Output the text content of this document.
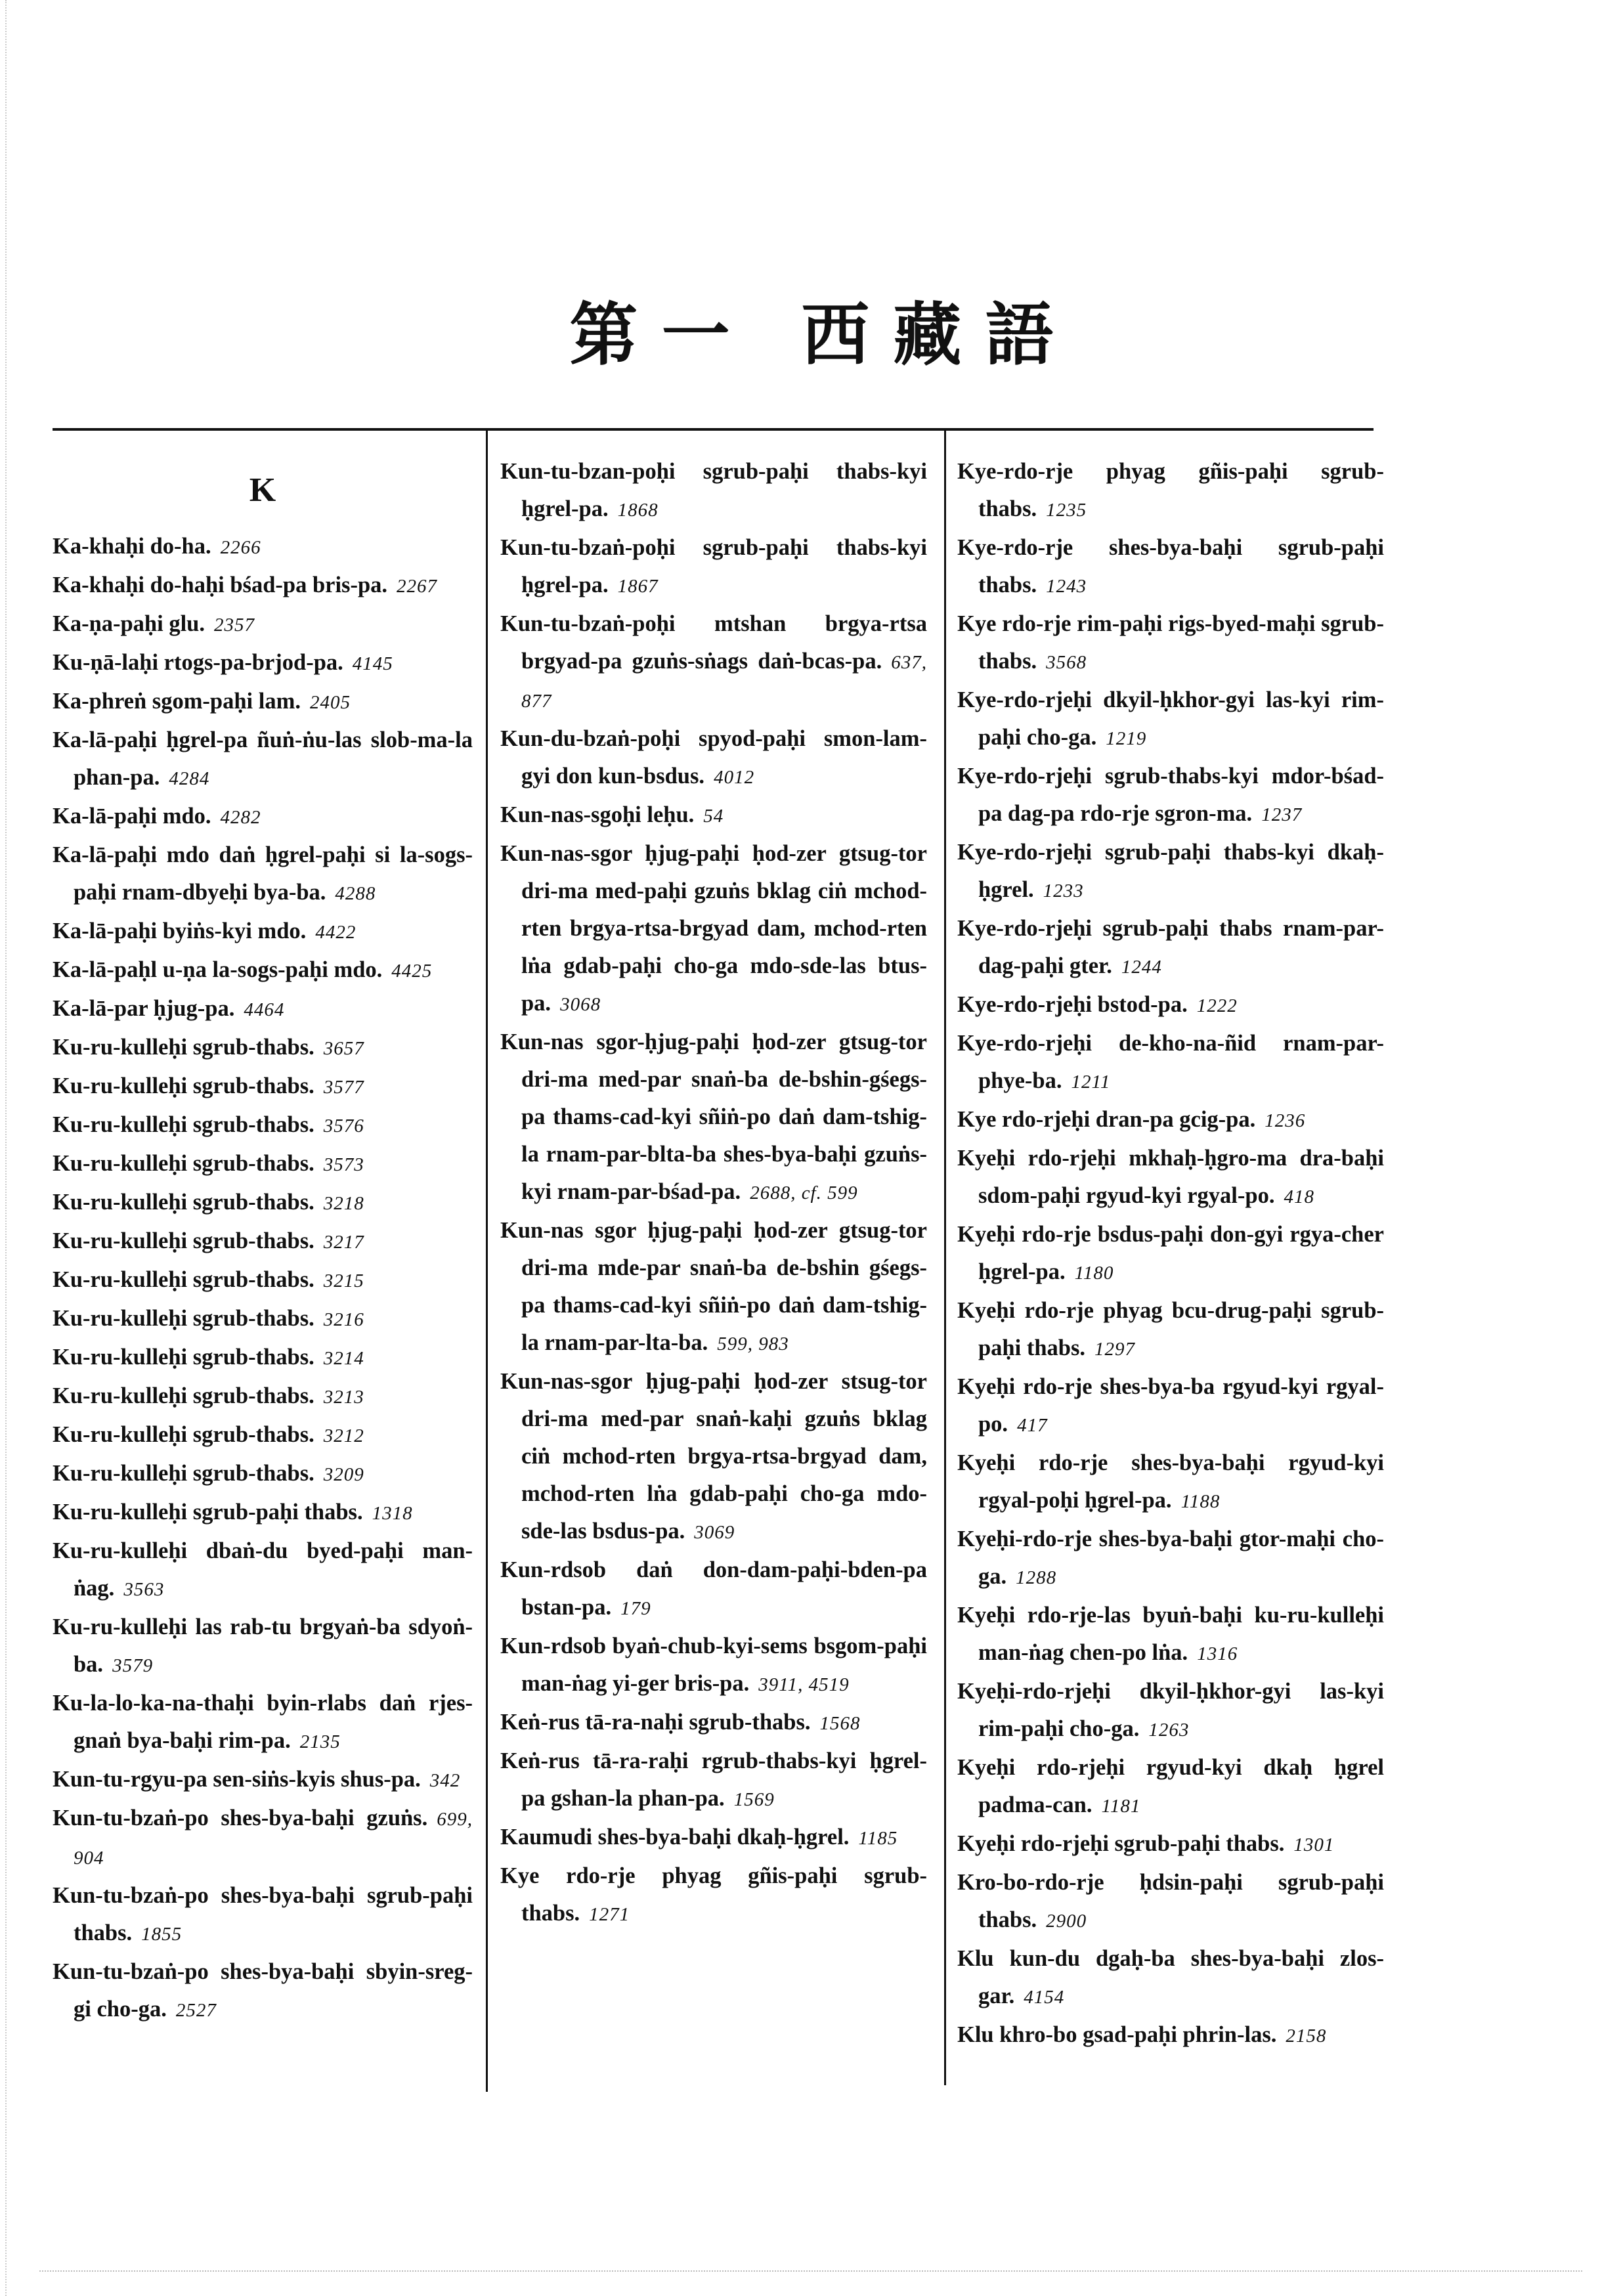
第 一   西 藏 語
K
Ka-khaḥi do-ha. 2266
Ka-khaḥi do-haḥi bśad-pa bris-pa. 2267
Ka-ṇa-paḥi glu. 2357
Ku-ṇā-laḥi rtogs-pa-brjod-pa. 4145
Ka-phreṅ sgom-paḥi lam. 2405
Ka-lā-paḥi ḥgrel-pa ñuṅ-ṅu-las slob-ma-la phan-pa. 4284
Ka-lā-paḥi mdo. 4282
Ka-lā-paḥi mdo daṅ ḥgrel-paḥi si la-sogs-paḥi rnam-dbyeḥi bya-ba. 4288
Ka-lā-paḥi byiṅs-kyi mdo. 4422
Ka-lā-paḥl u-ṇa la-sogs-paḥi mdo. 4425
Ka-lā-par ḥjug-pa. 4464
Ku-ru-kulleḥi sgrub-thabs. 3657
Ku-ru-kulleḥi sgrub-thabs. 3577
Ku-ru-kulleḥi sgrub-thabs. 3576
Ku-ru-kulleḥi sgrub-thabs. 3573
Ku-ru-kulleḥi sgrub-thabs. 3218
Ku-ru-kulleḥi sgrub-thabs. 3217
Ku-ru-kulleḥi sgrub-thabs. 3215
Ku-ru-kulleḥi sgrub-thabs. 3216
Ku-ru-kulleḥi sgrub-thabs. 3214
Ku-ru-kulleḥi sgrub-thabs. 3213
Ku-ru-kulleḥi sgrub-thabs. 3212
Ku-ru-kulleḥi sgrub-thabs. 3209
Ku-ru-kulleḥi sgrub-paḥi thabs. 1318
Ku-ru-kulleḥi dbaṅ-du byed-paḥi man-ṅag. 3563
Ku-ru-kulleḥi las rab-tu brgyaṅ-ba sdyoṅ-ba. 3579
Ku-la-lo-ka-na-thaḥi byin-rlabs daṅ rjes-gnaṅ bya-baḥi rim-pa. 2135
Kun-tu-rgyu-pa sen-siṅs-kyis shus-pa. 342
Kun-tu-bzaṅ-po shes-bya-baḥi gzuṅs. 699, 904
Kun-tu-bzaṅ-po shes-bya-baḥi sgrub-paḥi thabs. 1855
Kun-tu-bzaṅ-po shes-bya-baḥi sbyin-sreg-gi cho-ga. 2527
Kun-tu-bzan-poḥi sgrub-paḥi thabs-kyi ḥgrel-pa. 1868
Kun-tu-bzaṅ-poḥi sgrub-paḥi thabs-kyi ḥgrel-pa. 1867
Kun-tu-bzaṅ-poḥi mtshan brgya-rtsa brgyad-pa gzuṅs-sṅags daṅ-bcas-pa. 637, 877
Kun-du-bzaṅ-poḥi spyod-paḥi smon-lam-gyi don kun-bsdus. 4012
Kun-nas-sgoḥi leḥu. 54
Kun-nas-sgor ḥjug-paḥi ḥod-zer gtsug-tor dri-ma med-paḥi gzuṅs bklag ciṅ mchod-rten brgya-rtsa-brgyad dam, mchod-rten lṅa gdab-paḥi cho-ga mdo-sde-las btus-pa. 3068
Kun-nas sgor-ḥjug-paḥi ḥod-zer gtsug-tor dri-ma med-par snaṅ-ba de-bshin-gśegs-pa thams-cad-kyi sñiṅ-po daṅ dam-tshig-la rnam-par-blta-ba shes-bya-baḥi gzuṅs-kyi rnam-par-bśad-pa. 2688, cf. 599
Kun-nas sgor ḥjug-paḥi ḥod-zer gtsug-tor dri-ma mde-par snaṅ-ba de-bshin gśegs-pa thams-cad-kyi sñiṅ-po daṅ dam-tshig-la rnam-par-lta-ba. 599, 983
Kun-nas-sgor ḥjug-paḥi ḥod-zer stsug-tor dri-ma med-par snaṅ-kaḥi gzuṅs bklag ciṅ mchod-rten brgya-rtsa-brgyad dam, mchod-rten lṅa gdab-paḥi cho-ga mdo-sde-las bsdus-pa. 3069
Kun-rdsob daṅ don-dam-paḥi-bden-pa bstan-pa. 179
Kun-rdsob byaṅ-chub-kyi-sems bsgom-paḥi man-ṅag yi-ger bris-pa. 3911, 4519
Keṅ-rus tā-ra-naḥi sgrub-thabs. 1568
Keṅ-rus tā-ra-raḥi rgrub-thabs-kyi ḥgrel-pa gshan-la phan-pa. 1569
Kaumudi shes-bya-baḥi dkaḥ-ḥgrel. 1185
Kye rdo-rje phyag gñis-paḥi sgrub-thabs. 1271
Kye-rdo-rje phyag gñis-paḥi sgrub-thabs. 1235
Kye-rdo-rje shes-bya-baḥi sgrub-paḥi thabs. 1243
Kye rdo-rje rim-paḥi rigs-byed-maḥi sgrub-thabs. 3568
Kye-rdo-rjeḥi dkyil-ḥkhor-gyi las-kyi rim-paḥi cho-ga. 1219
Kye-rdo-rjeḥi sgrub-thabs-kyi mdor-bśad-pa dag-pa rdo-rje sgron-ma. 1237
Kye-rdo-rjeḥi sgrub-paḥi thabs-kyi dkaḥ-ḥgrel. 1233
Kye-rdo-rjeḥi sgrub-paḥi thabs rnam-par-dag-paḥi gter. 1244
Kye-rdo-rjeḥi bstod-pa. 1222
Kye-rdo-rjeḥi de-kho-na-ñid rnam-par-phye-ba. 1211
Kye rdo-rjeḥi dran-pa gcig-pa. 1236
Kyeḥi rdo-rjeḥi mkhaḥ-ḥgro-ma dra-baḥi sdom-paḥi rgyud-kyi rgyal-po. 418
Kyeḥi rdo-rje bsdus-paḥi don-gyi rgya-cher ḥgrel-pa. 1180
Kyeḥi rdo-rje phyag bcu-drug-paḥi sgrub-paḥi thabs. 1297
Kyeḥi rdo-rje shes-bya-ba rgyud-kyi rgyal-po. 417
Kyeḥi rdo-rje shes-bya-baḥi rgyud-kyi rgyal-poḥi ḥgrel-pa. 1188
Kyeḥi-rdo-rje shes-bya-baḥi gtor-maḥi cho-ga. 1288
Kyeḥi rdo-rje-las byuṅ-baḥi ku-ru-kulleḥi man-ṅag chen-po lṅa. 1316
Kyeḥi-rdo-rjeḥi dkyil-ḥkhor-gyi las-kyi rim-paḥi cho-ga. 1263
Kyeḥi rdo-rjeḥi rgyud-kyi dkaḥ ḥgrel padma-can. 1181
Kyeḥi rdo-rjeḥi sgrub-paḥi thabs. 1301
Kro-bo-rdo-rje ḥdsin-paḥi sgrub-paḥi thabs. 2900
Klu kun-du dgaḥ-ba shes-bya-baḥi zlos-gar. 4154
Klu khro-bo gsad-paḥi phrin-las. 2158
